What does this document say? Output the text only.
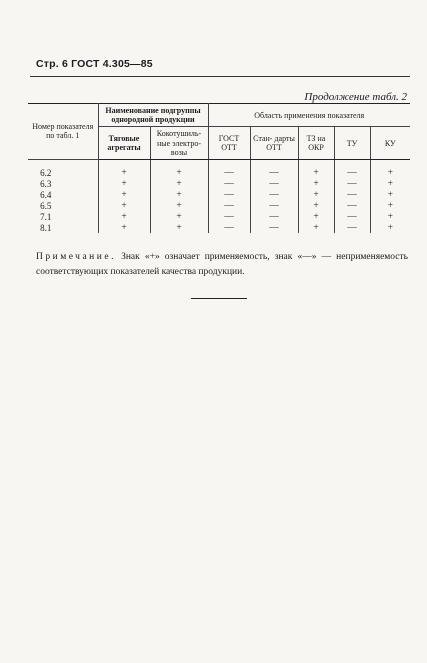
Стр. 6 ГОСТ 4.305—85
Продолжение табл. 2
Номер показателя по табл. 1	Наименование подгруппы однородной продукции		Область применения показателя				
	Тяговые агрегаты	Кокотушиль- ные электро- возы	ГОСТ ОТТ	Стан- дарты ОТТ	ТЗ на ОКР	ТУ	КУ
6.2	+	+	—	—	+	—	+
6.3	+	+	—	—	+	—	+
6.4	+	+	—	—	+	—	+
6.5	+	+	—	—	+	—	+
7.1	+	+	—	—	+	—	+
8.1	+	+	—	—	+	—	+
Примечание. Знак «+» означает применяемость, знак «—» — неприменяемость соответствующих показателей качества продукции.
